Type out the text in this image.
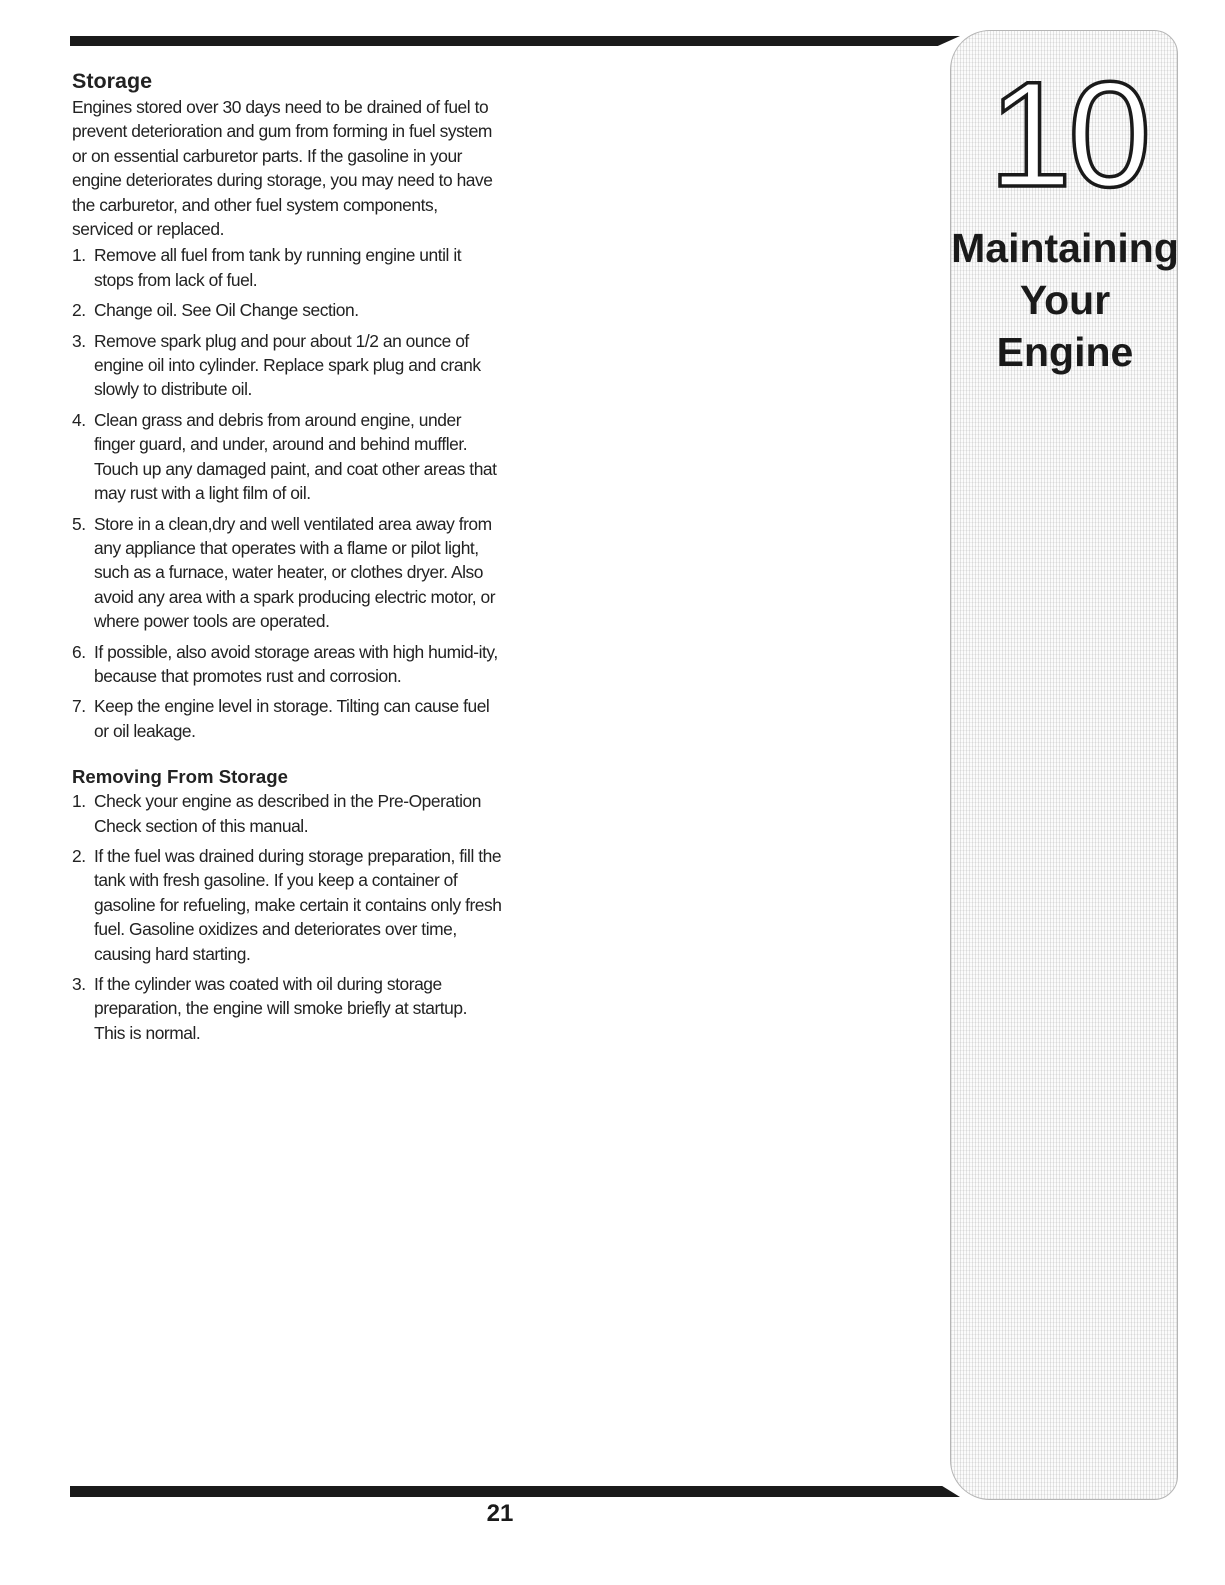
Storage

Engines stored over 30 days need to be drained of fuel to prevent deterioration and gum from forming in fuel system or on essential carburetor parts. If the gasoline in your engine deteriorates during storage, you may need to have the carburetor, and other fuel system components, serviced or replaced.

1. Remove all fuel from tank by running engine until it stops from lack of fuel.
2. Change oil. See Oil Change section.
3. Remove spark plug and pour about 1/2 an ounce of engine oil into cylinder. Replace spark plug and crank slowly to distribute oil.
4. Clean grass and debris from around engine, under finger guard, and under, around and behind muffler. Touch up any damaged paint, and coat other areas that may rust with a light film of oil.
5. Store in a clean,dry and well ventilated area away from any appliance that operates with a flame or pilot light, such as a furnace, water heater, or clothes dryer. Also avoid any area with a spark producing electric motor, or where power tools are operated.
6. If possible, also avoid storage areas with high humid-ity, because that promotes rust and corrosion.
7. Keep the engine level in storage. Tilting can cause fuel or oil leakage.
Removing From Storage
1. Check your engine as described in the Pre-Operation Check section of this manual.
2. If the fuel was drained during storage preparation, fill the tank with fresh gasoline. If you keep a container of gasoline for refueling, make certain it contains only fresh fuel. Gasoline oxidizes and deteriorates over time, causing hard starting.
3. If the cylinder was coated with oil during storage preparation, the engine will smoke briefly at startup. This is normal.
10
Maintaining
Your
Engine
21
